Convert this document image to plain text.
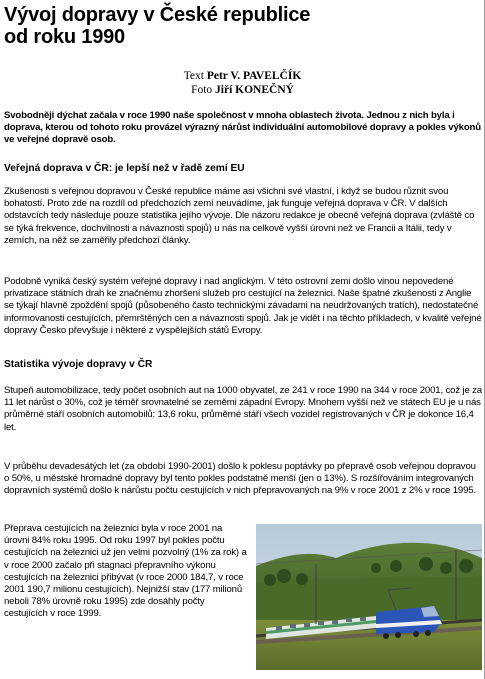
Vývoj dopravy v České republice
od roku 1990
Text Petr V. PAVELČÍK
Foto Jiří KONEČNÝ

Svobodněji dýchat začala v roce 1990 naše společnost v mnoha oblastech života. Jednou z nich byla i doprava, kterou od tohoto roku provázel výrazný nárůst individuální automobilové dopravy a pokles výkonů ve veřejné dopravě osob.

Veřejná doprava v ČR: je lepší než v řadě zemí EU

Zkušenosti s veřejnou dopravou v České republice máme asi všichni své vlastní, i když se budou různit svou bohatostí. Proto zde na rozdíl od předchozích zemí neuvádíme, jak funguje veřejná doprava v ČR. V dalších odstavcích tedy následuje pouze statistika jejího vývoje. Dle názoru redakce je obecně veřejná doprava (zvláště co se týká frekvence, dochvilnosti a návaznosti spojů) u nás na celkově vyšší úrovni než ve Francii a Itálii, tedy v zemích, na něž se zaměřily předchozí články.

Podobně vyniká český systém veřejné dopravy i nad anglickým. V této ostrovní zemi došlo vinou nepovedené privatizace státních drah ke značnému zhoršení služeb pro cestující na železnici. Naše špatné zkušenosti z Anglie se týkají hlavně zpoždění spojů (působeného často technickými závadami na neudržovaných tratích), nedostatečné informovanosti cestujících, přemrštěných cen a návaznosti spojů. Jak je vidět i na těchto příkladech, v kvalitě veřejné dopravy Česko převyšuje i některé z vyspělejších států Evropy.

Statistika vývoje dopravy v ČR

Stupeň automobilizace, tedy počet osobních aut na 1000 obyvatel, ze 241 v roce 1990 na 344 v roce 2001, což je za 11 let nárůst o 30%, což je téměř srovnatelné se zeměmi západní Evropy. Mnohem vyšší než ve státech EU je u nás průměrné stáří osobních automobilů: 13,6 roku, průměrné stáří všech vozidel registrovaných v ČR je dokonce 16,4 let.

V průběhu devadesátých let (za období 1990-2001) došlo k poklesu poptávky po přepravě osob veřejnou dopravou o 50%, u městské hromadné dopravy byl tento pokles podstatně menší (jen o 13%). S rozšířováním integrovaných dopravních systémů došlo k nárůstu počtu cestujících v nich přepravovaných na 9% v roce 2001 z 2% v roce 1995.

Přeprava cestujících na železnici byla v roce 2001 na úrovni 84% roku 1995. Od roku 1997 byl pokles počtu cestujících na železnici už jen velmi pozvolný (1% za rok) a v roce 2000 začalo při stagnaci přepravního výkonu cestujících na železnici přibývat (v roce 2000 184,7, v roce 2001 190,7 milionu cestujících). Nejnižší stav (177 milionů neboli 78% úrovně roku 1995) zde dosáhly počty cestujících v roce 1999.
